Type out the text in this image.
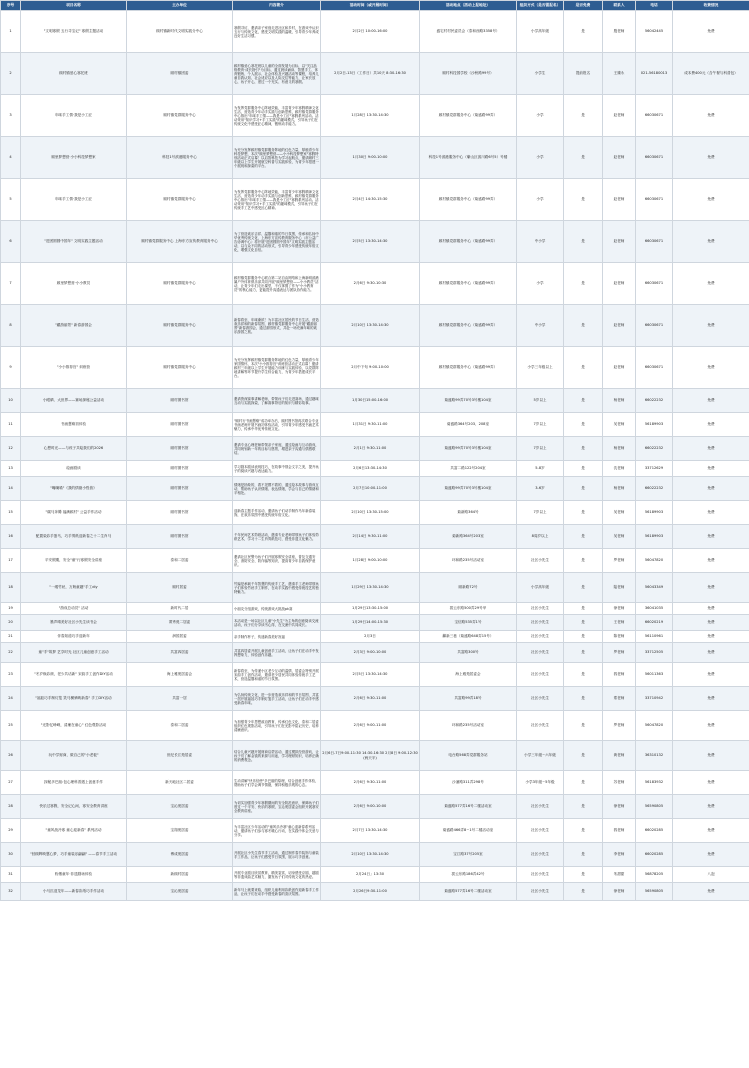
序号	项目名称	主办单位	内容简介	活动时间（或开展时间）	活动地点（活动上报地址）	组织方式（是否需报名）	是否免费	联系人	电话	收费情况
1	"文明寒假 五行寻宝记" 寒假主题活动	顾村镇新时代文明实践分中心	寒假寻访，邀请亲子家庭走进社区和乡村，在游戏中认识五行与传统文化，感受文明实践的温暖，引导青少年养成良好生活习惯。	2月2日 10:00-16:00	盛宅村村民委员会（泰和西路3358号）	小学高年级	是	殷老师	56042445	免费
2	顾村镇爱心寒托班	顾村镇团委	顾村镇爱心寒托班以儿童的全面发展为目标，以"关注品格教育·成长指引"为目标，通过晨读诵读、智慧手工、体育锻炼、个人展示、社会体验及兴趣活动等课程，培养儿童自我认知、社会适应以及人际交往等能力，让家长放心，孩子开心，度过一个充实、有意义的寒假。	2月2日-13日（工作日）共10天 8:30-16:30	顾村科技园学校（沙秋路99号）	小学生	提前报名	王臻永	021-56180013	成本费400元（含午餐与科普包）
3	年味手工情·我是小工匠	顾村镇党群服务中心	为发挥党群服务中心阵地效能，丰富青少年寒假精神文化生活，营造青少年动手实践与创新思维，顾村镇党群服务中心推出"年味手工情——我是小工匠"寒假系列活动。活动采用"知识学习+手工实践"的趣味模式，引导孩子们在传统文化中感受匠心精神，锻炼动手能力。	1月28日 13:30-14:30	顾村镇党群服务中心（菊盛路99弄）	小学	是	赵老师	66030671	免费
4	顾里梦想营·小小科技梦想家	科技1号滨港服务中心	为充分发挥顾村镇党群服务阵地的红色力量，厚植青少年科技梦想，本次"顾里梦想营——小小科技梦想家"寒假特别活动正式启幕！以启智科技为学习起航点，邀请顾村三年级以上学生开展航空科普与实践体验，为青少年搭建一个展现和探索的平台。	1月30日 9:00-10:00	科技1号滨港服务中心（紫山区滨川路6号5）号楼	小学	是	赵老师	66030671	免费
5	年味手工情·我是小工匠	顾村镇党群服务中心	为发挥党群服务中心阵地效能，丰富青少年寒假精神文化生活，营造青少年动手实践与创新思维，顾村镇党群服务中心推出"年味手工情——我是小工匠"寒假系列活动。活动采用"知识学习+手工实践"的趣味模式，引导孩子们在传统手工艺中感受匠心精神。	2月4日 14:30-15:30	顾村镇党群服务中心（菊盛路99弄）	小学	是	赵老师	66030671	免费
6	"进团圆圆中国年" 文明实践主题活动	顾村镇党群服务中心 上海东方宣传教育服务中心	为了营造欢乐吉祥、温馨和谐的节日氛围，传承和弘扬中华优秀传统文化，上海东方宣传教育服务中心（市公益广告协调中心）将开展"进团圆圆中国年"文明实践主题活动，以与众不同的活动形式，引导青少年感受传统年俗文化，增强文化自信。	2月5日 13:30-14:30	顾村镇党群服务中心（菊盛路99弄）	中小学	是	赵老师	66030671	免费
7	顾里梦想营·小小教员	顾村镇党群服务中心	顾村镇党群服务中心联合第二站自由网络和上海新明滨港属户外体育俱乐部共同开展"顾里梦想营——小小教员"活动，让青少年们走出课堂，不仅掌握了作为"小小教育员"的核心能力，更能提升沟通表达与团队协作能力。	2月6日 9:30-10:30	顾村镇党群服务中心（菊盛路99弄）	小学	是	赵老师	66030671	免费
8	"藏游丽景" 新春游园会	顾村镇党群服务中心	新春将至、年味渐浓！为丰富社区居民的节日生活，营造欢乐祥和的新春氛围，顾村镇党群服务中心开展"藏游丽景"新春游园会，通过游园形式，共赴一场充满年味的欢乐游园之旅。	2月10日 13:30-14:30	顾村镇党群服务中心（菊盛路99弄）	中小学	是	赵老师	66030671	免费
9	"小小推荐官" 训练营	顾村镇党群服务中心	为充分发挥顾村镇党群服务阵地的红色力量，厚植青少年家国情怀，本次"小小推荐官"训练营活动正式启幕！邀请顾村三年级以上学生开展能力训练与实践体验，以党群阵地讲解等环节提升学生综合能力，为青少年搭建成长平台。	2月中下旬 9:00-10:00	顾村镇党群服务中心（菊盛路99弄）	小学三年级以上	是	赵老师	66030671	免费
10	小眼睛、大世界——赛场探秘公益活动	顾村图书馆	邀请资深赛事讲解老师，带领孩子们走进赛场，通过趣味互动与实践探索，了解赛事背后的知识与精彩故事。	1月30日15:00-16:00	菊盛路99弄70号3号楼104室	5岁以上	是	杨老师	66022232	免费
11	书画慧缘初体验	顾村图书馆	"顾村行书画慧缘"成功举办后，顾村图书馆再次联合专业书画老师开展书画初体验活动，引导青少年感受书画艺术魅力，传承中华优秀传统文化。	1月31日 9:30-11:00	菊盛路364号203、208室	7岁以上	是	吴老师	56189903	免费
12	心想时光——与孩子共绘我们的2026	顾村图书馆	邀请专业心理老师带领亲子家庭，通过绘画与互动游戏，共同规划新一年的目标与愿景，增进亲子沟通与情感联结。	2月1日 9:30-11:00	菊盛路99弄70号3号楼104室	7岁以上	是	杨老师	66022232	免费
13	绘画剧读	顾村图书馆	学习剧本剧读表现技巧，在故事中领会文字之美，提升孩子的阅读兴趣与表达能力。	2月6日13:30-14:30	共富二路122号204室	5-8岁	是	沈老师	33712629	免费
14	"嘴嘴喵"《我的情绪小怪兽》	顾村图书馆	情绪是抽象的，看不见摸不着的，通过绘本故事与游戏互动，帮助孩子认识情绪、表达情绪，学会与自己的情绪和平相处。	2月7日10:00-11:00	菊盛路99弄70号3号楼104室	3-6岁	是	杨老师	66022232	免费
15	"碳马奔腾 福满顾村" 公益手作活动	顾村图书馆	迎新春主题手作活动，邀请孩子们动手制作马年新春装饰，在欢乐氛围中感受传统年俗文化。	2月10日 13:30-15:00	菊新路364号	7岁以上	是	吴老师	56189903	免费
16	配置染彩手蛋马，巧手剪纸迎新春之十二生肖马	顾村图书馆	千年民间艺术剪纸活动，邀请专业老师带领孩子们体验剪纸艺术，学习十二生肖剪纸技巧，感受非遗文化魅力。	2月14日 9:30-11:00	菊新路364号203室	8周岁以上	是	吴老师	56189903	免费
17	平安假期，安全"童"行寒假安全讲座	泰和二居委	邀请社区民警为孩子们开展寒假安全讲座，普及交通安全、消防安全、防诈骗等知识，提高青少年自我保护意识。	1月28日 9:00-10:00	环和路235号活动室	社区小先生	是	罗老师	56047820	免费
18	"一缕竹丝，万般童趣"手工diy	顾村居委	竹编是承载千年智慧的传统手工艺，邀请手工老师带领孩子们体验竹丝手工制作，在动手实践中感受传统技艺的独特魅力。	1月29日 13:30-14:30	顾新路72号	小学高年级	是	陆老师	56043349	免费
19	"游戏总动员" 活动	新时代二居	小朋友分组游戏，传统游戏大挑战pk赛	1月29日13:30-15:00	拔云东路500弄29号甲	社区小先生	是	徐老师	36041035	免费
20	墨声晴美好社区小先生读书会	菁秀苑二居委	本活动是一场以社区儿童"小先生"为主角的创意阅读交流活动，孩子们分享读书心得，在交流中共同成长。	1月29日14:00-15:30	宝信路535弄1号	社区小先生	是	王老师	66020219	免费
21	伴春知道巧手迎新年	润园居委	亲手制作杯子，传递新春美好祝福	2月3日	翻新三巷（菊盛路648弄15号）	社区小先生	是	陈老师	56110961	免费
22	童"手"筑梦 艺享时光 社区儿童创意手工活动	共富四居委	共富四居委开展儿童创意手工活动，让孩子们在动手中发挥想象力，体验创作乐趣。	2月3日 9:00-10:00	共富路300号	社区小先生	是	罗老师	33712505	免费
23	"冬岁焕彩颜，老少共话新" 宋韵手工创作DIY活动	海上雅苑居委会	新春将至，为传递小区老少互动的温情，居委会特别开展宋韵手工创作活动，邀请老少居民共同体验传统手工艺术，营造温馨和谐的节日氛围。	2月5日 13:30-14:30	海上雅苑居委会	社区小先生	是	钱老师	56011363	免费
24	"福娃巧手制灯笼 笑马横骑映新春" 手工DIY活动	共富一居	为弘扬传统文化，进一步营造欢乐祥和的节日氛围，共富一居开展福娃巧手制灯笼手工活动，让孩子们在动手中感受新春年味。	2月6日 9:30-11:00	共富路99弄18号	社区小先生	是	郑老师	33710942	免费
25	"光影忆峥嵘，清廉在童心" 红色观影活动	泰和二居委	为加强青少年思想政治教育，传承红色文化，泰和二居委组织红色观影活动，引导孩子们在光影中铭记历史，培养清廉意识。	2月6日 9:00-11:00	环和路235号活动室	社区小先生	是	罗老师	56047820	免费
26	玩中学财商，做自己的"小老板"	世纪长江苑居委	结合儿童兴趣开展财商启蒙活动，通过模拟经营游戏，让孩子们了解金钱的来源与用途，学习理财知识，培养正确的消费观念。	2月6日-7日9:00-11:30 14:30-16:30 2月8日 9:00-12:30(两天半)	电台路568弄党群服务站	小学三年级~六年级	是	黄老师	36310132	免费
27	探秘多巴胺:包心理科普遇上创意手作	新天地社区二居委	生动讲解"快乐信使"多巴胺的原理，结合创意手作体验，帮助孩子们学会调节情绪，保持积极乐观的心态。	2月6日 9:30-11:00	沙浦路311弄298号	小学3年级~5年级	是	苏老师	56183932	免费
28	快乐过寒假，安全记心间，寒安全教育讲座	宝沁苑居委	为切实加强青少年寒假期间的安全防范意识，保障孩子们度过一个平安、快乐的寒假，宝沁苑居委会组织开展寒安全教育讲座。	2月6日 9:00-10:00	菊盛路577弄16号二楼活动室	社区小先生	是	徐老师	56590805	免费
29	"童风战冷寒 童心迎新春" 系列活动	宝翔苑居委	为丰富社区少年活动的"童风乐冷寒"童心迎新春系列活动，邀请孩子们参与寒冬暖心行动，在实践中体会关爱与分享。	2月7日 13:30-14:30	菊盛路466弄8~1号二楼活动室	社区小先生	是	钱老师	66020285	免费
30	"回顾辉映慧心梦，巧手童装乐翩翩" ——春节手工活动	博成苑居委	开展社区小先生春节手工活动，通过制作春节装饰与童装手工作品，让孩子们感受节日氛围，展示巧手创意。	2月10日 13:30-14:30	宝江路37号205室	社区小先生	是	李老师	66020285	免费
31	粉墨童年·非遗剧场体验	新顾村居委	开展专业剧目欣赏教育、精美鉴赏，切身感受京剧、越剧等非遗戏曲艺术魅力，激发孩子们对传统文化的热爱。	2月24日」13:30	拔云东路186弄42号	社区小先生	是	朱甜甜	56878205	八泡
32	小马匹迎龙年——新春彩纸巧手作活动	宝沁苑居委	新年马上就要来临，组织儿童利用彩纸创作迎新春手工作品，让孩子们在动手中感受新春的喜庆氛围。	2月26日9:30-11:00	菊盛路577弄16号二楼活动室	社区小先生	是	徐老师	56590805	免费
